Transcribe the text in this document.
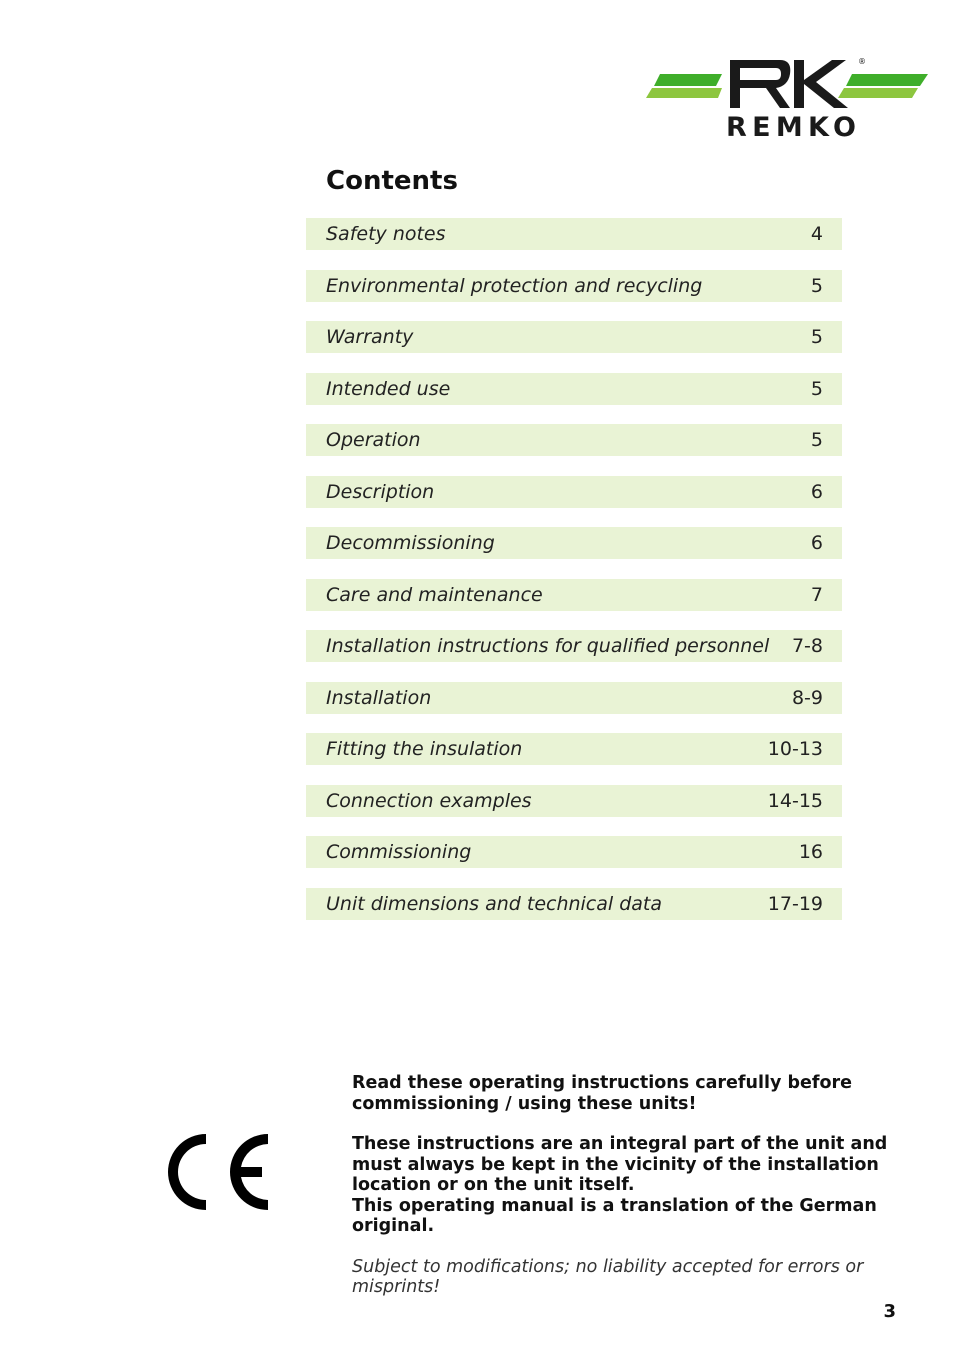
®
REMKO
Contents
Safety notes	4
Environmental protection and recycling	5
Warranty	5
Intended use	5
Operation	5
Description	6
Decommissioning	6
Care and maintenance	7
Installation instructions for qualified personnel 7-8
Installation	8-9
Fitting the insulation	10-13
Connection examples	14-15
Commissioning	16
Unit dimensions and technical data	17-19

Read these operating instructions carefully before commissioning / using these units!

These instructions are an integral part of the unit and must always be kept in the vicinity of the installation location or on the unit itself.

This operating manual is a translation of the German original.

Subject to modifications; no liability accepted for errors or misprints!

3
